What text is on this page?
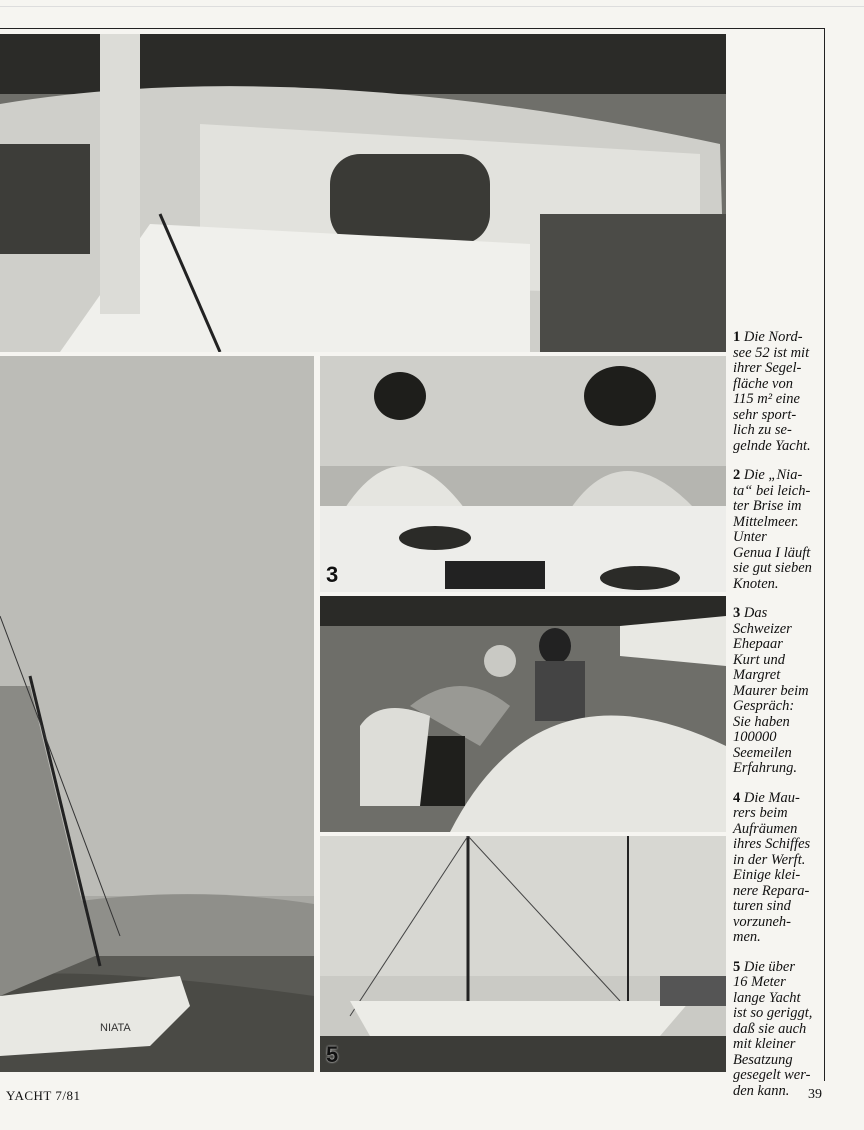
NIATA
3
5

1 Die Nord-
see 52 ist mit
ihrer Segel-
fläche von
115 m² eine
sehr sport-
lich zu se-
gelnde Yacht.

2 Die „Nia-
ta“ bei leich-
ter Brise im
Mittelmeer.
Unter
Genua I läuft
sie gut sieben
Knoten.

3 Das
Schweizer
Ehepaar
Kurt und
Margret
Maurer beim
Gespräch:
Sie haben
100000
Seemeilen
Erfahrung.

4 Die Mau-
rers beim
Aufräumen
ihres Schiffes
in der Werft.
Einige klei-
nere Repara-
turen sind
vorzuneh-
men.

5 Die über
16 Meter
lange Yacht
ist so geriggt,
daß sie auch
mit kleiner
Besatzung
gesegelt wer-
den kann.

YACHT 7/81	39
